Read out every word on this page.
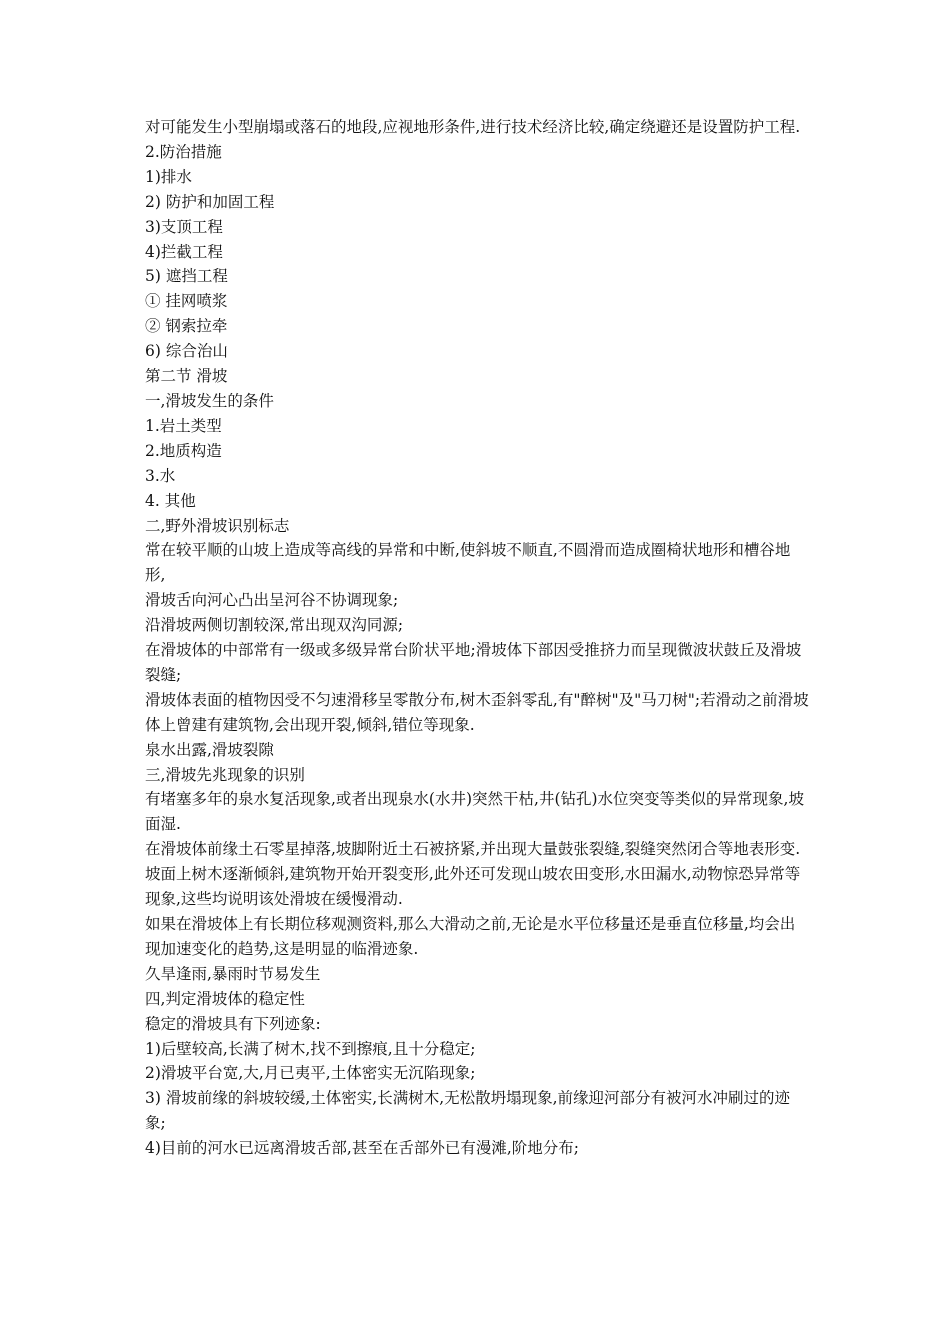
对可能发生小型崩塌或落石的地段,应视地形条件,进行技术经济比较,确定绕避还是设置防护工程.

2.防治措施

1)排水

2) 防护和加固工程

3)支顶工程

4)拦截工程

5) 遮挡工程

① 挂网喷浆

② 钢索拉牵

6) 综合治山

第二节 滑坡

一,滑坡发生的条件

1.岩土类型

2.地质构造

3.水

4. 其他

二,野外滑坡识别标志

常在较平顺的山坡上造成等高线的异常和中断,使斜坡不顺直,不圆滑而造成圈椅状地形和槽谷地形,

滑坡舌向河心凸出呈河谷不协调现象;

沿滑坡两侧切割较深,常出现双沟同源;

在滑坡体的中部常有一级或多级异常台阶状平地;滑坡体下部因受推挤力而呈现微波状鼓丘及滑坡裂缝;

滑坡体表面的植物因受不匀速滑移呈零散分布,树木歪斜零乱,有"醉树"及"马刀树";若滑动之前滑坡体上曾建有建筑物,会出现开裂,倾斜,错位等现象.

泉水出露,滑坡裂隙

三,滑坡先兆现象的识别

有堵塞多年的泉水复活现象,或者出现泉水(水井)突然干枯,井(钻孔)水位突变等类似的异常现象,坡面湿.

在滑坡体前缘土石零星掉落,坡脚附近土石被挤紧,并出现大量鼓张裂缝,裂缝突然闭合等地表形变.

坡面上树木逐渐倾斜,建筑物开始开裂变形,此外还可发现山坡农田变形,水田漏水,动物惊恐异常等现象,这些均说明该处滑坡在缓慢滑动.

如果在滑坡体上有长期位移观测资料,那么大滑动之前,无论是水平位移量还是垂直位移量,均会出现加速变化的趋势,这是明显的临滑迹象.

久旱逢雨,暴雨时节易发生

四,判定滑坡体的稳定性

稳定的滑坡具有下列迹象:

1)后壁较高,长满了树木,找不到擦痕,且十分稳定;

2)滑坡平台宽,大,月已夷平,土体密实无沉陷现象;

3) 滑坡前缘的斜坡较缓,土体密实,长满树木,无松散坍塌现象,前缘迎河部分有被河水冲刷过的迹象;

4)目前的河水已远离滑坡舌部,甚至在舌部外已有漫滩,阶地分布;
